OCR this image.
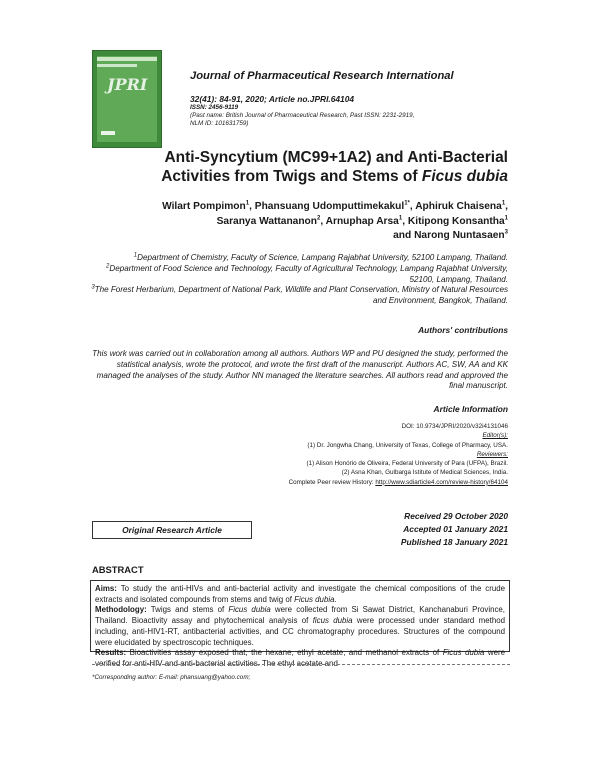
JPRI	Journal of Pharmaceutical Research International
32(41): 84-91, 2020; Article no.JPRI.64104
ISSN: 2456-9119
(Past name: British Journal of Pharmaceutical Research, Past ISSN: 2231-2919,
NLM ID: 101631759)
Anti-Syncytium (MC99+1A2) and Anti-Bacterial
Activities from Twigs and Stems of Ficus dubia
Wilart Pompimon$^1$, Phansuang Udomputtimekakul$^{1*}$, Aphiruk Chaisena$^1$,
Saranya Wattananon$^2$, Arnuphap Arsa$^1$, Kitipong Konsantha$^1$
and Narong Nuntasaen$^3$
$^1$Department of Chemistry, Faculty of Science, Lampang Rajabhat University, 52100 Lampang, Thailand.
$^2$Department of Food Science and Technology, Faculty of Agricultural Technology, Lampang Rajabhat University, 52100, Lampang, Thailand.
$^3$The Forest Herbarium, Department of National Park, Wildlife and Plant Conservation, Ministry of Natural Resources and Environment, Bangkok, Thailand.
Authors' contributions
This work was carried out in collaboration among all authors. Authors WP and PU designed the study, performed the statistical analysis, wrote the protocol, and wrote the first draft of the manuscript. Authors AC, SW, AA and KK managed the analyses of the study. Author NN managed the literature searches. All authors read and approved the final manuscript.
Article Information
DOI: 10.9734/JPRI/2020/v32i4131046
Editor(s):
(1) Dr. Jongwha Chang, University of Texas, College of Pharmacy, USA.
Reviewers:
(1) Alison Honório de Oliveira, Federal University of Para (UFPA), Brazil.
(2) Asna Khan, Gulbarga Istitute of Medical Sciences, India.
Complete Peer review History: http://www.sdiarticle4.com/review-history/64104
Original Research Article
Received 29 October 2020
Accepted 01 January 2021
Published 18 January 2021
ABSTRACT

Aims: To study the anti-HIVs and anti-bacterial activity and investigate the chemical compositions of the crude extracts and isolated compounds from stems and twig of Ficus dubia.

Methodology: Twigs and stems of Ficus dubia were collected from Si Sawat District, Kanchanaburi Province, Thailand. Bioactivity assay and phytochemical analysis of ficus dubia were processed under standard method including, anti-HIV1-RT, antibacterial activities, and CC chromatography procedures. Structures of the compound were elucidated by spectroscopic techniques.

Results: Bioactivities assay exposed that, the hexane, ethyl acetate, and methanol extracts of Ficus dubia were verified for anti-HIV and anti-bacterial activities. The ethyl acetate and

*Corresponding author: E-mail: phansuang@yahoo.com;
